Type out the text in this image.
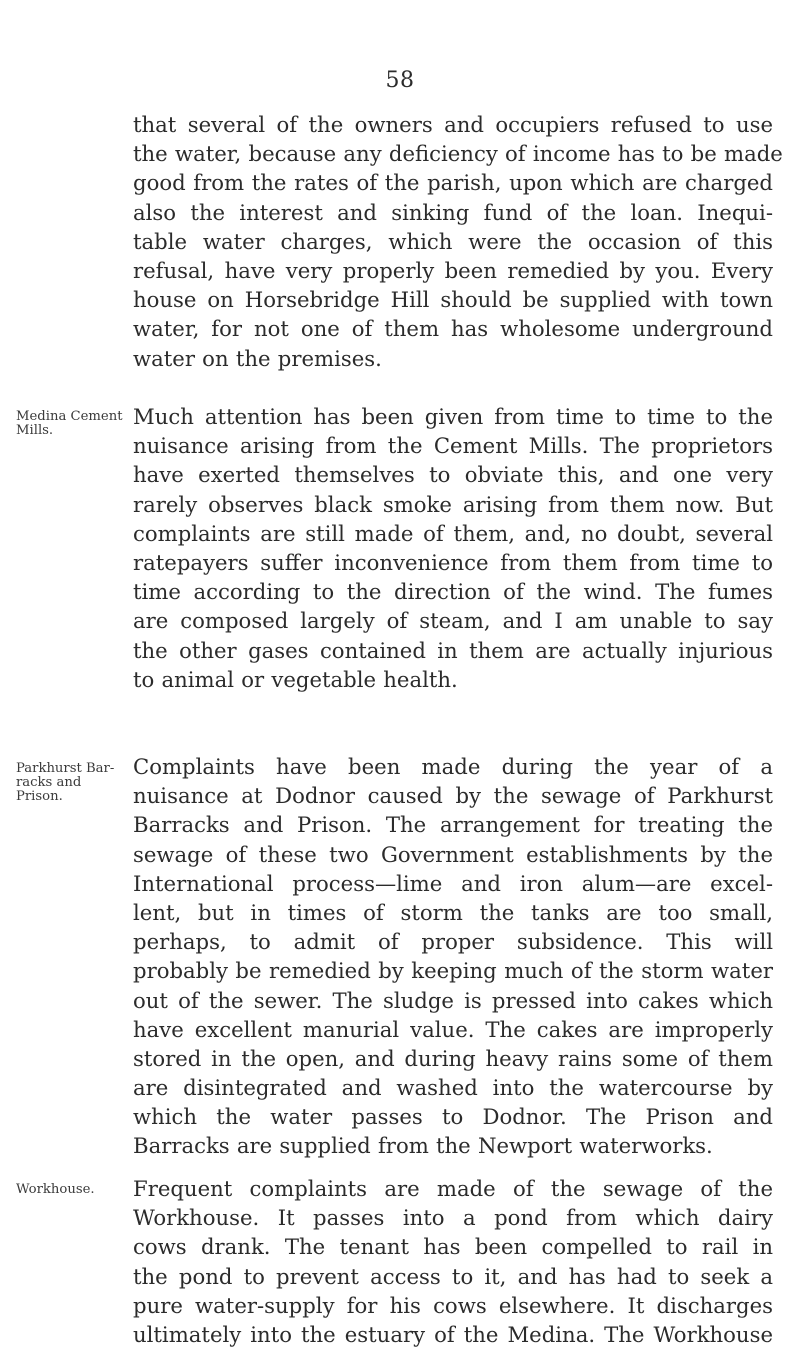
58
that several of the owners and occupiers refused to use
the water, because any deficiency of income has to be made
good from the rates of the parish, upon which are charged
also the interest and sinking fund of the loan. Inequi-
table water charges, which were the occasion of this
refusal, have very properly been remedied by you. Every
house on Horsebridge Hill should be supplied with town
water, for not one of them has wholesome underground
water on the premises.
Medina Cement
Mills.
Much attention has been given from time to time to the
nuisance arising from the Cement Mills. The proprietors
have exerted themselves to obviate this, and one very
rarely observes black smoke arising from them now. But
complaints are still made of them, and, no doubt, several
ratepayers suffer inconvenience from them from time to
time according to the direction of the wind. The fumes
are composed largely of steam, and I am unable to say
the other gases contained in them are actually injurious
to animal or vegetable health.
Parkhurst Bar-
racks and
Prison.
Complaints have been made during the year of a
nuisance at Dodnor caused by the sewage of Parkhurst
Barracks and Prison. The arrangement for treating the
sewage of these two Government establishments by the
International process—lime and iron alum—are excel-
lent, but in times of storm the tanks are too small,
perhaps, to admit of proper subsidence. This will
probably be remedied by keeping much of the storm water
out of the sewer. The sludge is pressed into cakes which
have excellent manurial value. The cakes are improperly
stored in the open, and during heavy rains some of them
are disintegrated and washed into the watercourse by
which the water passes to Dodnor. The Prison and
Barracks are supplied from the Newport waterworks.
Workhouse.	Frequent complaints are made of the sewage of the
Workhouse. It passes into a pond from which dairy
cows drank. The tenant has been compelled to rail in
the pond to prevent access to it, and has had to seek a
pure water-supply for his cows elsewhere. It discharges
ultimately into the estuary of the Medina. The Workhouse
